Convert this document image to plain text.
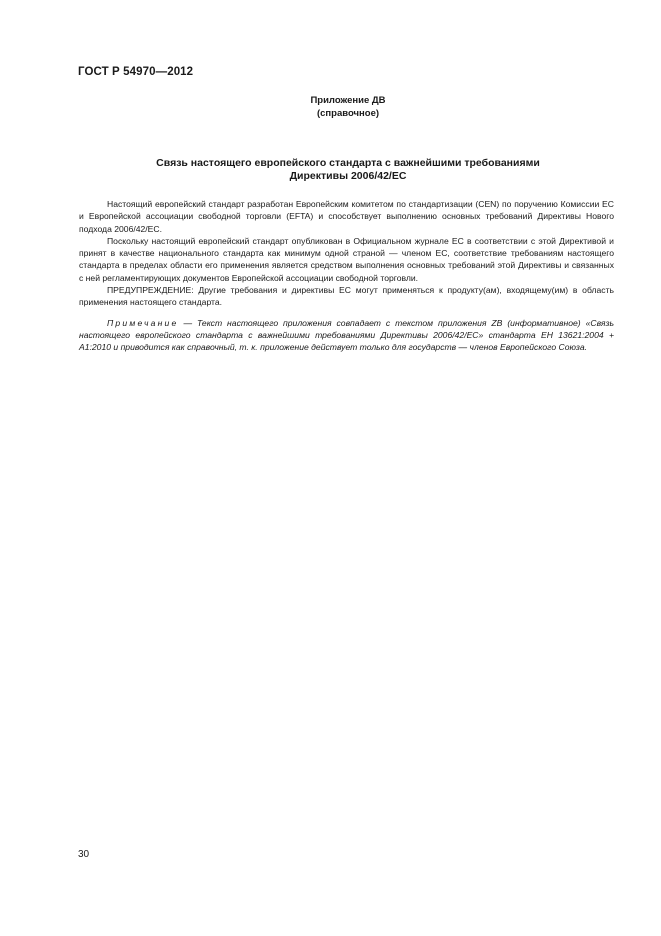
ГОСТ Р 54970—2012
Приложение ДВ
(справочное)
Связь настоящего европейского стандарта с важнейшими требованиями
Директивы 2006/42/ЕС

Настоящий европейский стандарт разработан Европейским комитетом по стандартизации (CEN) по поручению Комиссии ЕС и Европейской ассоциации свободной торговли (EFTA) и способствует выполнению основных требований Директивы Нового подхода 2006/42/ЕС.

Поскольку настоящий европейский стандарт опубликован в Официальном журнале ЕС в соответствии с этой Директивой и принят в качестве национального стандарта как минимум одной страной — членом ЕС, соответствие требованиям настоящего стандарта в пределах области его применения является средством выполнения основных требований этой Директивы и связанных с ней регламентирующих документов Европейской ассоциации свободной торговли.

ПРЕДУПРЕЖДЕНИЕ: Другие требования и директивы ЕС могут применяться к продукту(ам), входящему(им) в область применения настоящего стандарта.

Примечание — Текст настоящего приложения совпадает с текстом приложения ZB (информативное) «Связь настоящего европейского стандарта с важнейшими требованиями Директивы 2006/42/ЕС» стандарта ЕН 13621:2004 + А1:2010 и приводится как справочный, т. к. приложение действует только для государств — членов Европейского Союза.

30
